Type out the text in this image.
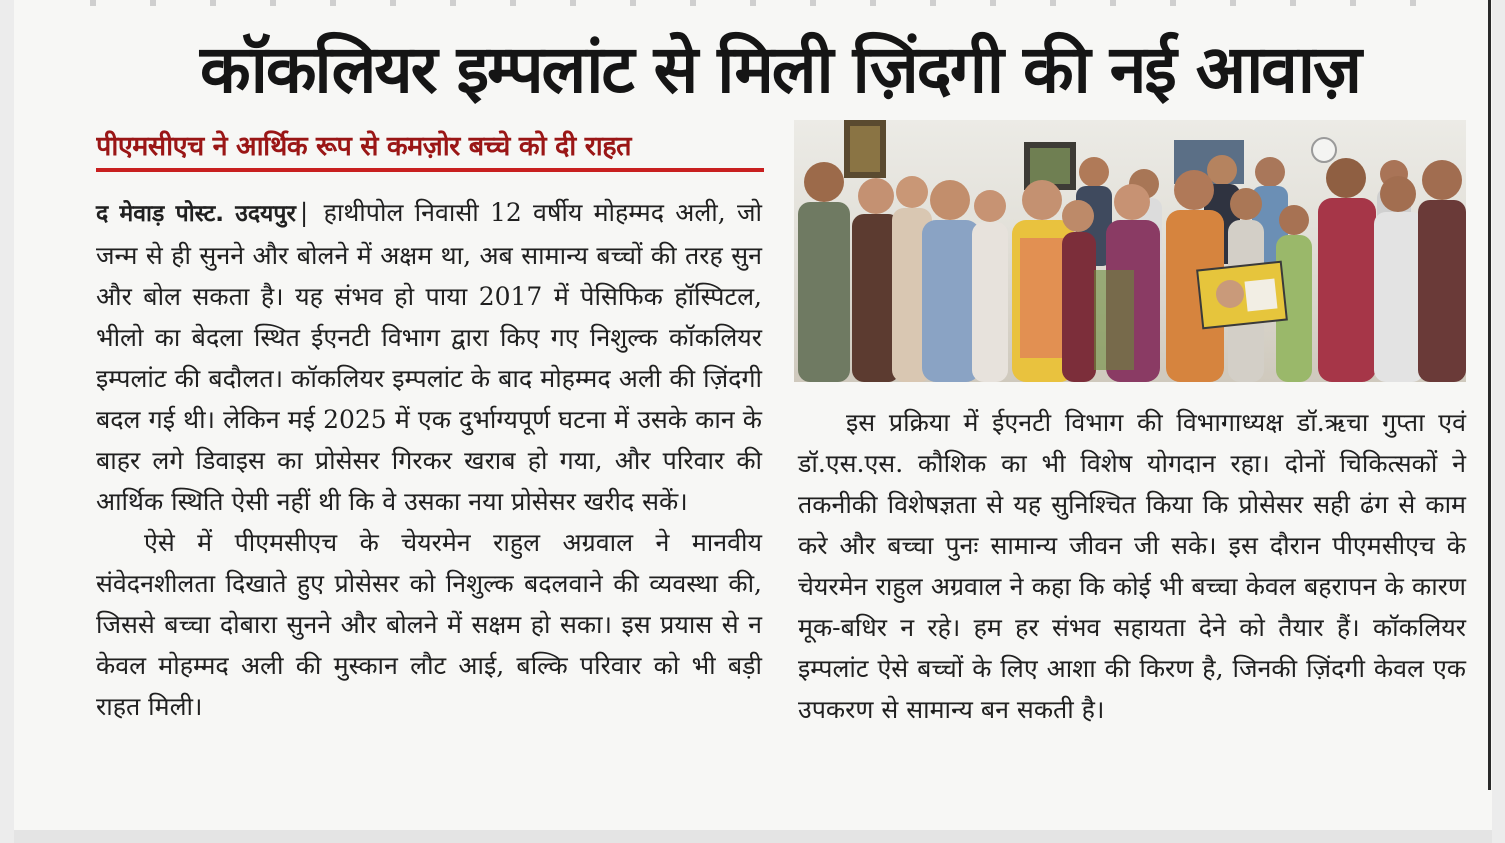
कॉकलियर इम्पलांट से मिली ज़िंदगी की नई आवाज़
पीएमसीएच ने आर्थिक रूप से कमज़ोर बच्चे को दी राहत

द मेवाड़ पोस्ट. उदयपुर | हाथीपोल निवासी 12 वर्षीय मोहम्मद अली, जो जन्म से ही सुनने और बोलने में अक्षम था, अब सामान्य बच्चों की तरह सुन और बोल सकता है। यह संभव हो पाया 2017 में पेसिफिक हॉस्पिटल, भीलो का बेदला स्थित ईएनटी विभाग द्वारा किए गए निशुल्क कॉकलियर इम्पलांट की बदौलत। कॉकलियर इम्पलांट के बाद मोहम्मद अली की ज़िंदगी बदल गई थी। लेकिन मई 2025 में एक दुर्भाग्यपूर्ण घटना में उसके कान के बाहर लगे डिवाइस का प्रोसेसर गिरकर खराब हो गया, और परिवार की आर्थिक स्थिति ऐसी नहीं थी कि वे उसका नया प्रोसेसर खरीद सकें।

ऐसे में पीएमसीएच के चेयरमेन राहुल अग्रवाल ने मानवीय संवेदनशीलता दिखाते हुए प्रोसेसर को निशुल्क बदलवाने की व्यवस्था की, जिससे बच्चा दोबारा सुनने और बोलने में सक्षम हो सका। इस प्रयास से न केवल मोहम्मद अली की मुस्कान लौट आई, बल्कि परिवार को भी बड़ी राहत मिली।

इस प्रक्रिया में ईएनटी विभाग की विभागाध्यक्ष डॉ.ऋचा गुप्ता एवं डॉ.एस.एस. कौशिक का भी विशेष योगदान रहा। दोनों चिकित्सकों ने तकनीकी विशेषज्ञता से यह सुनिश्चित किया कि प्रोसेसर सही ढंग से काम करे और बच्चा पुनः सामान्य जीवन जी सके। इस दौरान पीएमसीएच के चेयरमेन राहुल अग्रवाल ने कहा कि कोई भी बच्चा केवल बहरापन के कारण मूक-बधिर न रहे। हम हर संभव सहायता देने को तैयार हैं। कॉकलियर इम्पलांट ऐसे बच्चों के लिए आशा की किरण है, जिनकी ज़िंदगी केवल एक उपकरण से सामान्य बन सकती है।
